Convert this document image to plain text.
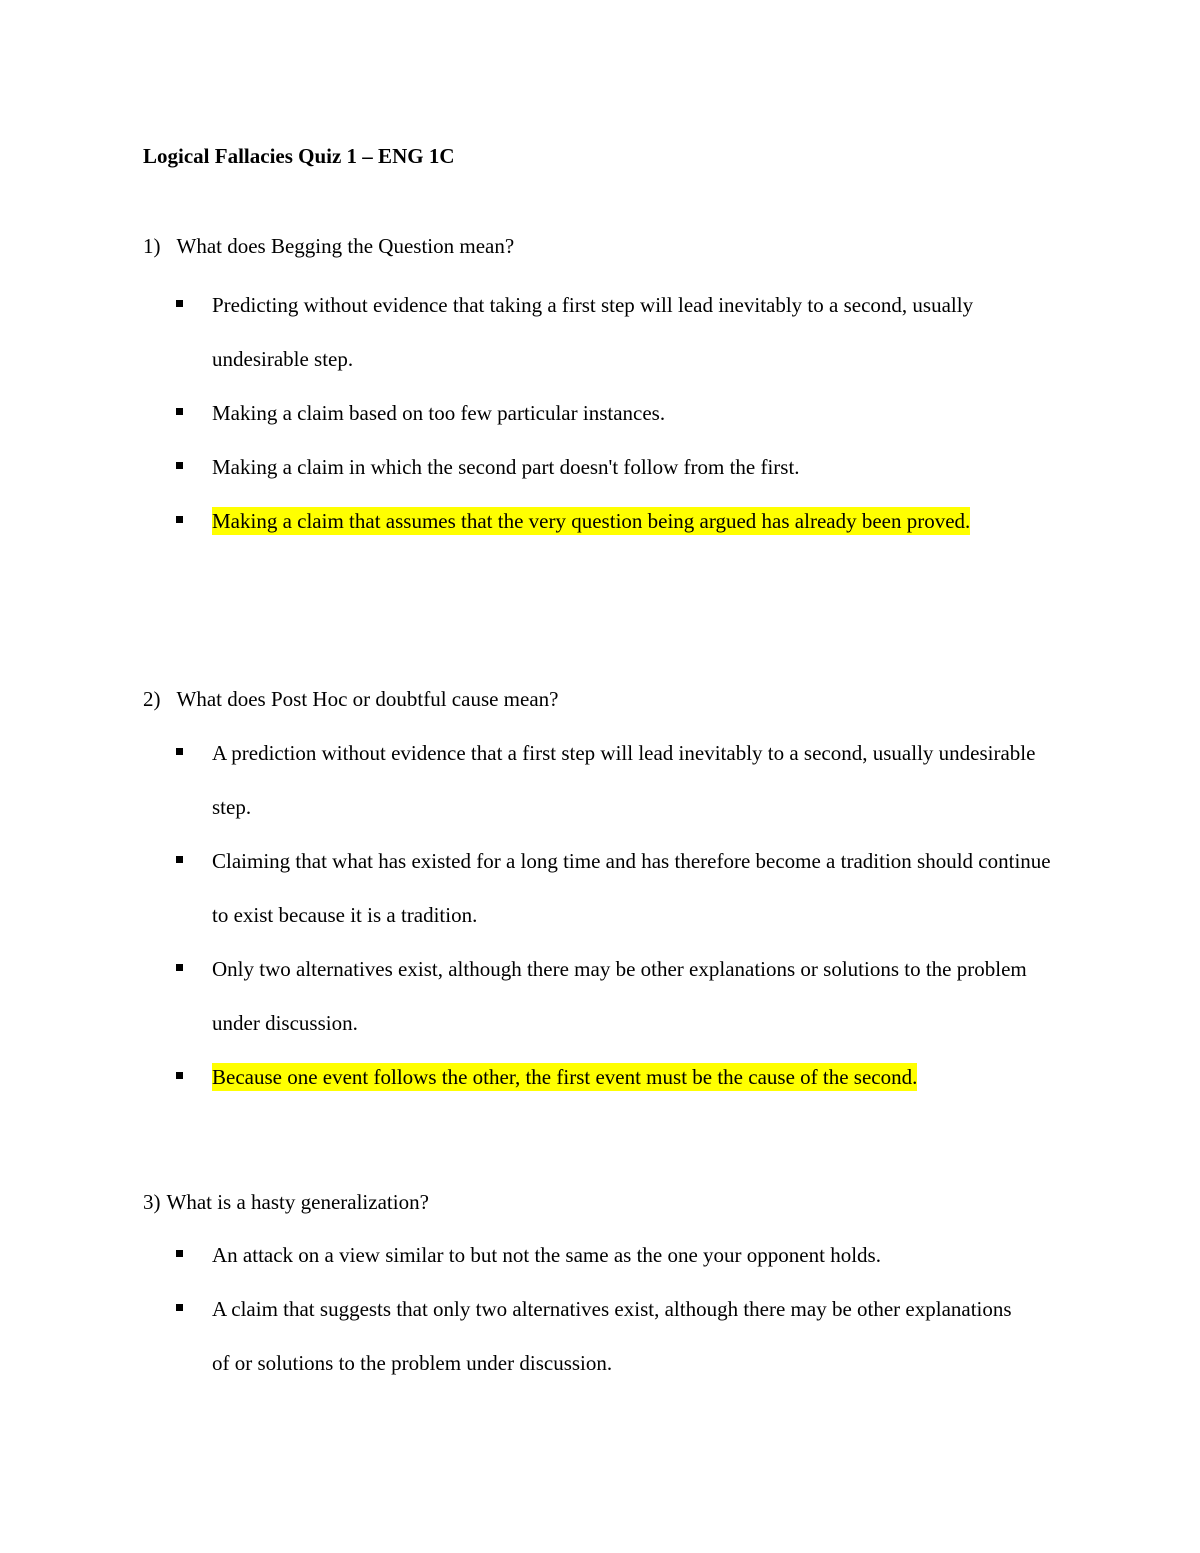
Logical Fallacies Quiz 1 – ENG 1C
1) What does Begging the Question mean?
Predicting without evidence that taking a first step will lead inevitably to a second, usually undesirable step.
Making a claim based on too few particular instances.
Making a claim in which the second part doesn't follow from the first.
Making a claim that assumes that the very question being argued has already been proved.
2) What does Post Hoc or doubtful cause mean?
A prediction without evidence that a first step will lead inevitably to a second, usually undesirable step.
Claiming that what has existed for a long time and has therefore become a tradition should continue to exist because it is a tradition.
Only two alternatives exist, although there may be other explanations or solutions to the problem under discussion.
Because one event follows the other, the first event must be the cause of the second.
3) What is a hasty generalization?
An attack on a view similar to but not the same as the one your opponent holds.
A claim that suggests that only two alternatives exist, although there may be other explanations of or solutions to the problem under discussion.
